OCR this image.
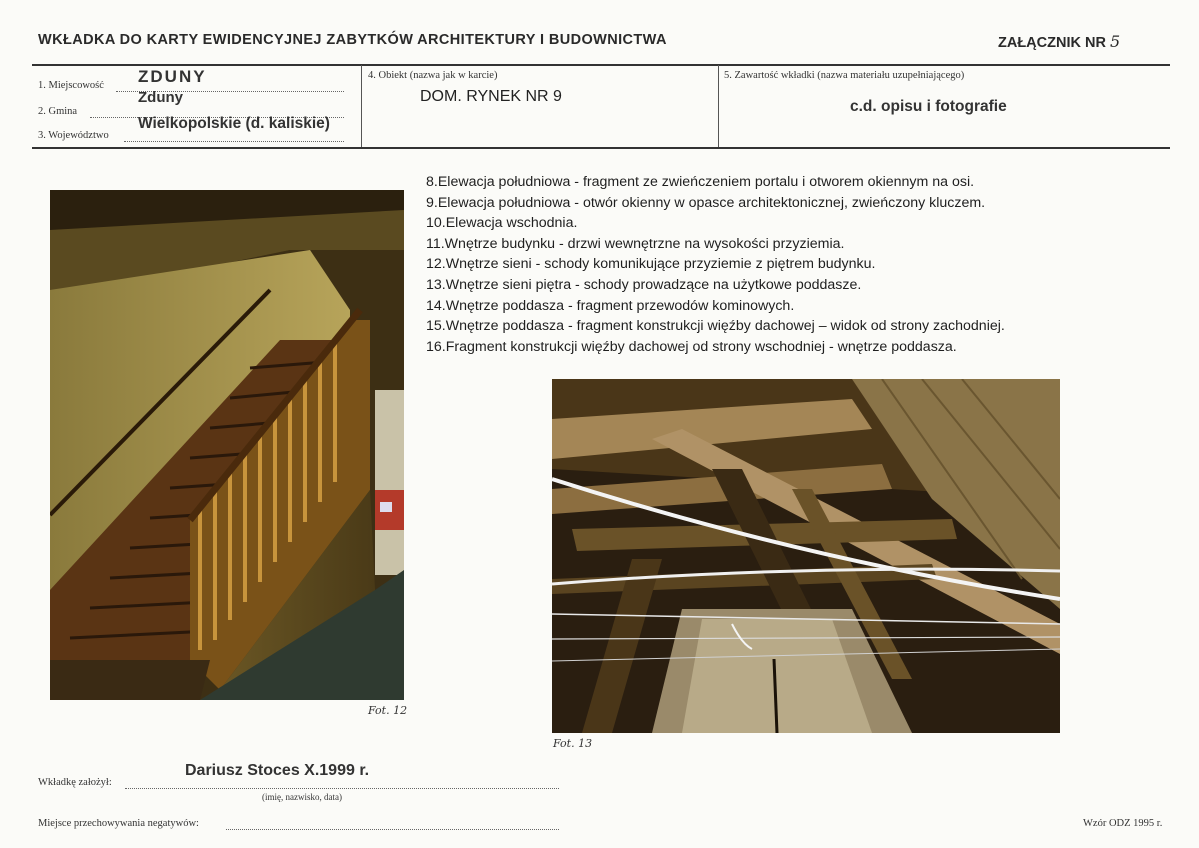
WKŁADKA DO KARTY EWIDENCYJNEJ ZABYTKÓW ARCHITEKTURY I BUDOWNICTWA	ZAŁĄCZNIK NR 5
1. Miejscowość ZDUNY
2. Gmina
Zduny
3. Województwo
Wielkopolskie (d. kaliskie)
4. Obiekt (nazwa jak w karcie)
DOM. RYNEK NR 9
5. Zawartość wkładki (nazwa materiału uzupełniającego)
c.d. opisu i fotografie
8.Elewacja południowa - fragment ze zwieńczeniem portalu i otworem okiennym na osi.
9.Elewacja południowa - otwór okienny w opasce architektonicznej, zwieńczony kluczem.
10.Elewacja wschodnia.
11.Wnętrze budynku - drzwi wewnętrzne na wysokości przyziemia.
12.Wnętrze sieni - schody komunikujące przyziemie z piętrem budynku.
13.Wnętrze sieni piętra - schody prowadzące na użytkowe poddasze.
14.Wnętrze poddasza - fragment przewodów kominowych.
15.Wnętrze poddasza - fragment konstrukcji więźby dachowej – widok od strony zachodniej.
16.Fragment konstrukcji więźby dachowej od strony wschodniej - wnętrze poddasza.
Fot. 12
Fot. 13
Wkładkę założył:
Dariusz Stoces X.1999 r.
(imię, nazwisko, data)
Miejsce przechowywania negatywów:	Wzór ODZ 1995 r.
